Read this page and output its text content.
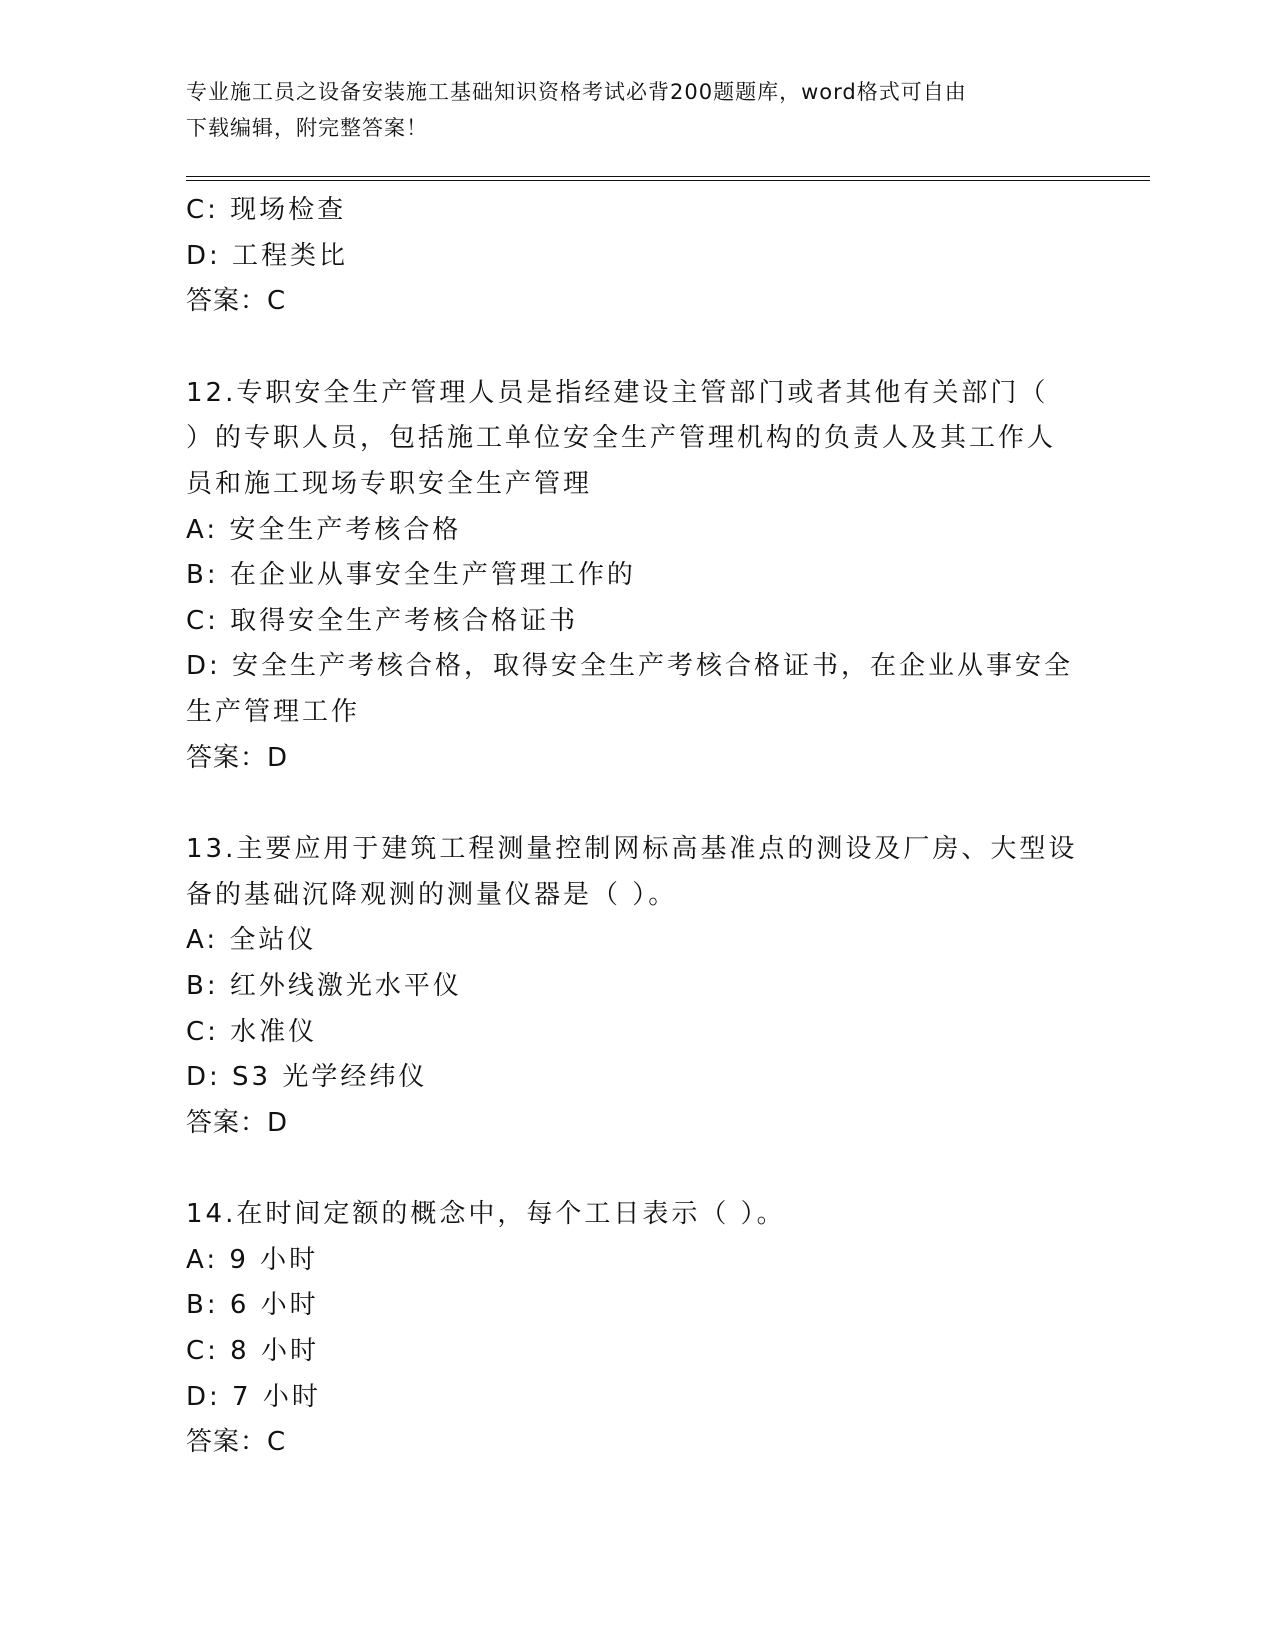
专业施工员之设备安装施工基础知识资格考试必背200题题库，word格式可自由
下载编辑，附完整答案！
C: 现场检查
D: 工程类比
答案：C
12.专职安全生产管理人员是指经建设主管部门或者其他有关部门（
）的专职人员，包括施工单位安全生产管理机构的负责人及其工作人
员和施工现场专职安全生产管理
A: 安全生产考核合格
B: 在企业从事安全生产管理工作的
C: 取得安全生产考核合格证书
D: 安全生产考核合格，取得安全生产考核合格证书，在企业从事安全
生产管理工作
答案：D
13.主要应用于建筑工程测量控制网标高基准点的测设及厂房、大型设
备的基础沉降观测的测量仪器是（ ）。
A: 全站仪
B: 红外线激光水平仪
C: 水准仪
D: S3 光学经纬仪
答案：D
14.在时间定额的概念中，每个工日表示（ ）。
A: 9 小时
B: 6 小时
C: 8 小时
D: 7 小时
答案：C
